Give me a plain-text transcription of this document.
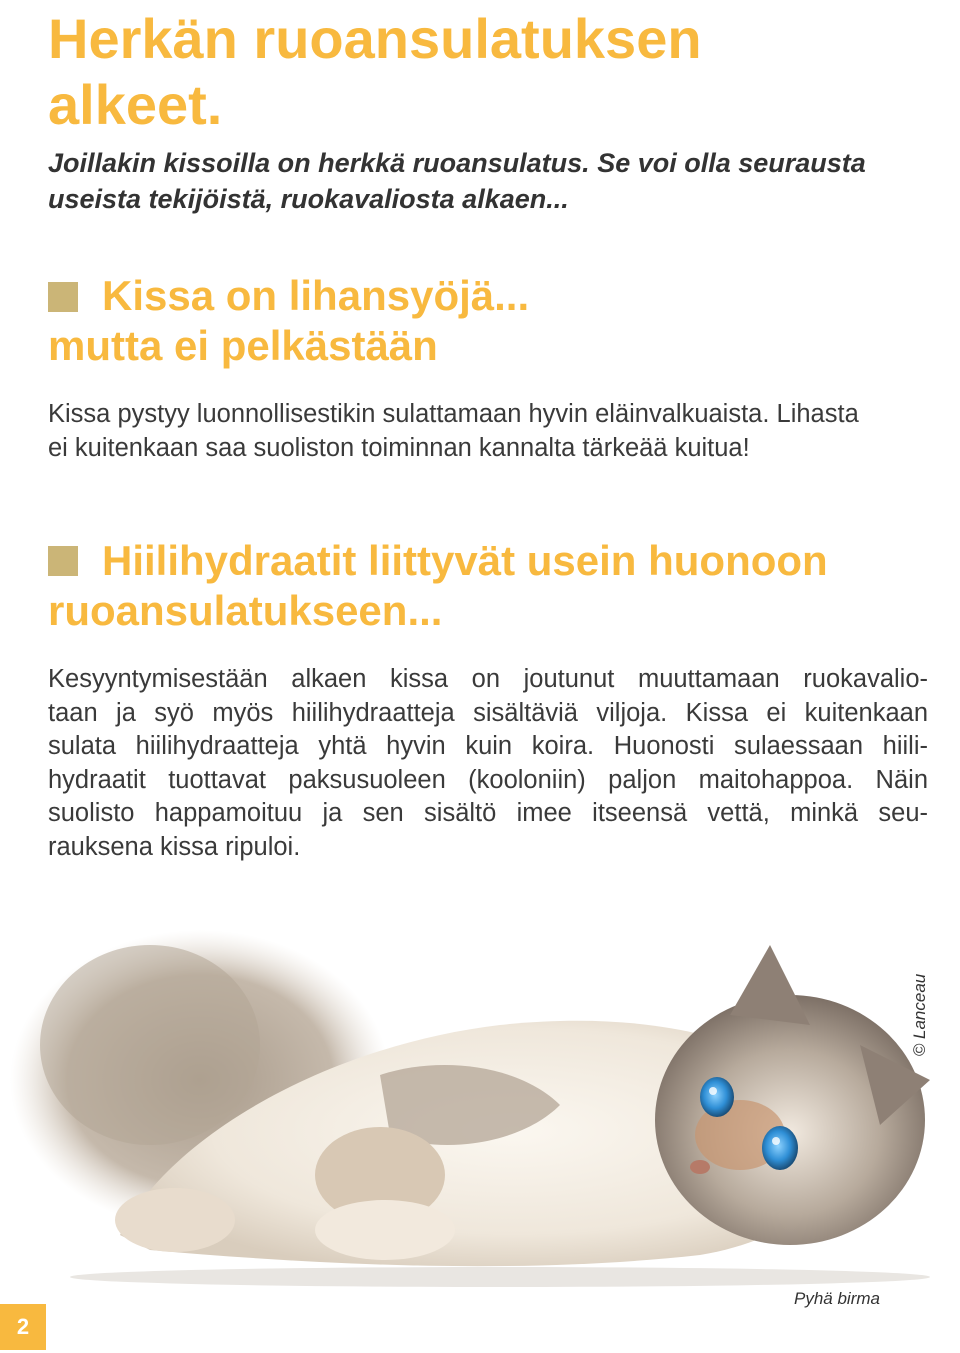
Herkän ruoansulatuksen
alkeet.

Joillakin kissoilla on herkkä ruoansulatus. Se voi olla seurausta
useista tekijöistä, ruokavaliosta alkaen...

Kissa on lihansyöjä...
mutta ei pelkästään

Kissa pystyy luonnollisestikin sulattamaan hyvin eläinvalkuaista. Lihasta
ei kuitenkaan saa suoliston toiminnan kannalta tärkeää kuitua!

Hiilihydraatit liittyvät usein huonoon
ruoansulatukseen...

Kesyyntymisestään alkaen kissa on joutunut muuttamaan ruokavalio-
taan ja syö myös hiilihydraatteja sisältäviä viljoja. Kissa ei kuitenkaan
sulata hiilihydraatteja yhtä hyvin kuin koira. Huonosti sulaessaan hiili-
hydraatit tuottavat paksusuoleen (kooloniin) paljon maitohappoa. Näin
suolisto happamoituu ja sen sisältö imee itseensä vettä, minkä seu-
rauksena kissa ripuloi.

© Lanceau
Pyhä birma
2
